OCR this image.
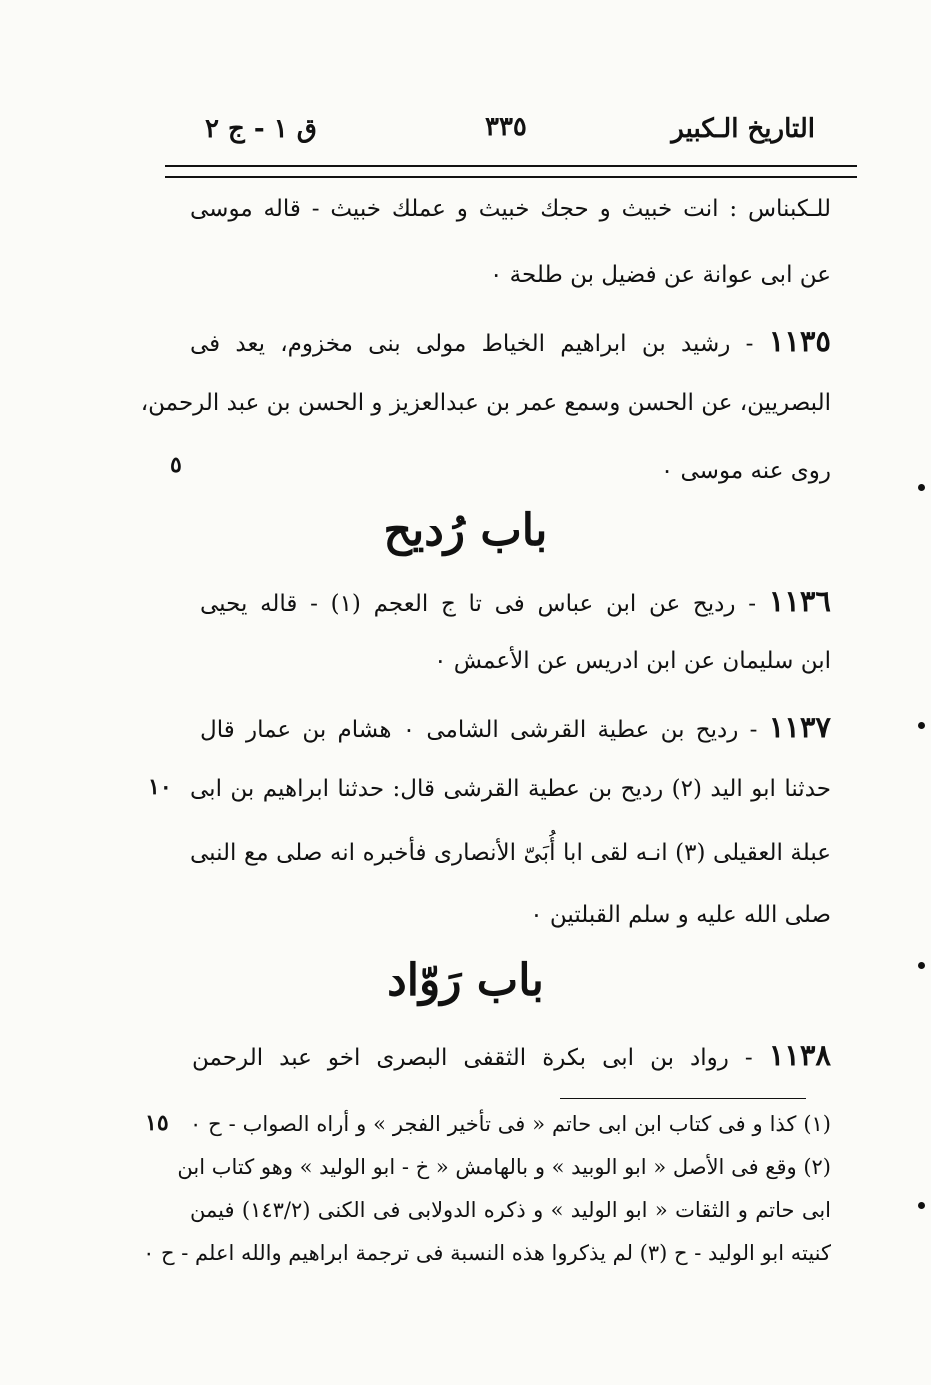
التاريخ الـكبير
٣٣٥
ق ١ - ج ٢
للـكبناس : انت خبيث و حجك خبيث و عملك خبيث - قاله موسى
عن ابى عوانة عن فضيل بن طلحة ٠
١١٣٥ - رشيد بن ابراهيم الخياط مولى بنى مخزوم، يعد فى
البصريين، عن الحسن وسمع عمر بن عبدالعزيز و الحسن بن عبد الرحمن،
روى عنه موسى ٠
٥
باب رُديح
١١٣٦ - رديح عن ابن عباس فى تا ج العجم (١) - قاله يحيى
ابن سليمان عن ابن ادريس عن الأعمش ٠
١١٣٧ - رديح بن عطية القرشى الشامى ٠ هشام بن عمار قال
حدثنا ابو اليد (٢) رديح بن عطية القرشى قال: حدثنا ابراهيم بن ابى
١٠
عبلة العقيلى (٣) انـه لقى ابا أُبَىّ الأنصارى فأخبره انه صلى مع النبى
صلى الله عليه و سلم القبلتين ٠
باب رَوّاد
١١٣٨ - رواد بن ابى بكرة الثقفى البصرى اخو عبد الرحمن
(١) كذا و فى كتاب ابن ابى حاتم « فى تأخير الفجر » و أراه الصواب - ح ٠
١٥
(٢) وقع فى الأصل « ابو الوبيد » و بالهامش « خ - ابو الوليد » وهو كتاب ابن
ابى حاتم و الثقات « ابو الوليد » و ذكره الدولابى فى الكنى (١٤٣/٢) فيمن
كنيته ابو الوليد - ح (٣) لم يذكروا هذه النسبة فى ترجمة ابراهيم والله اعلم - ح ٠
